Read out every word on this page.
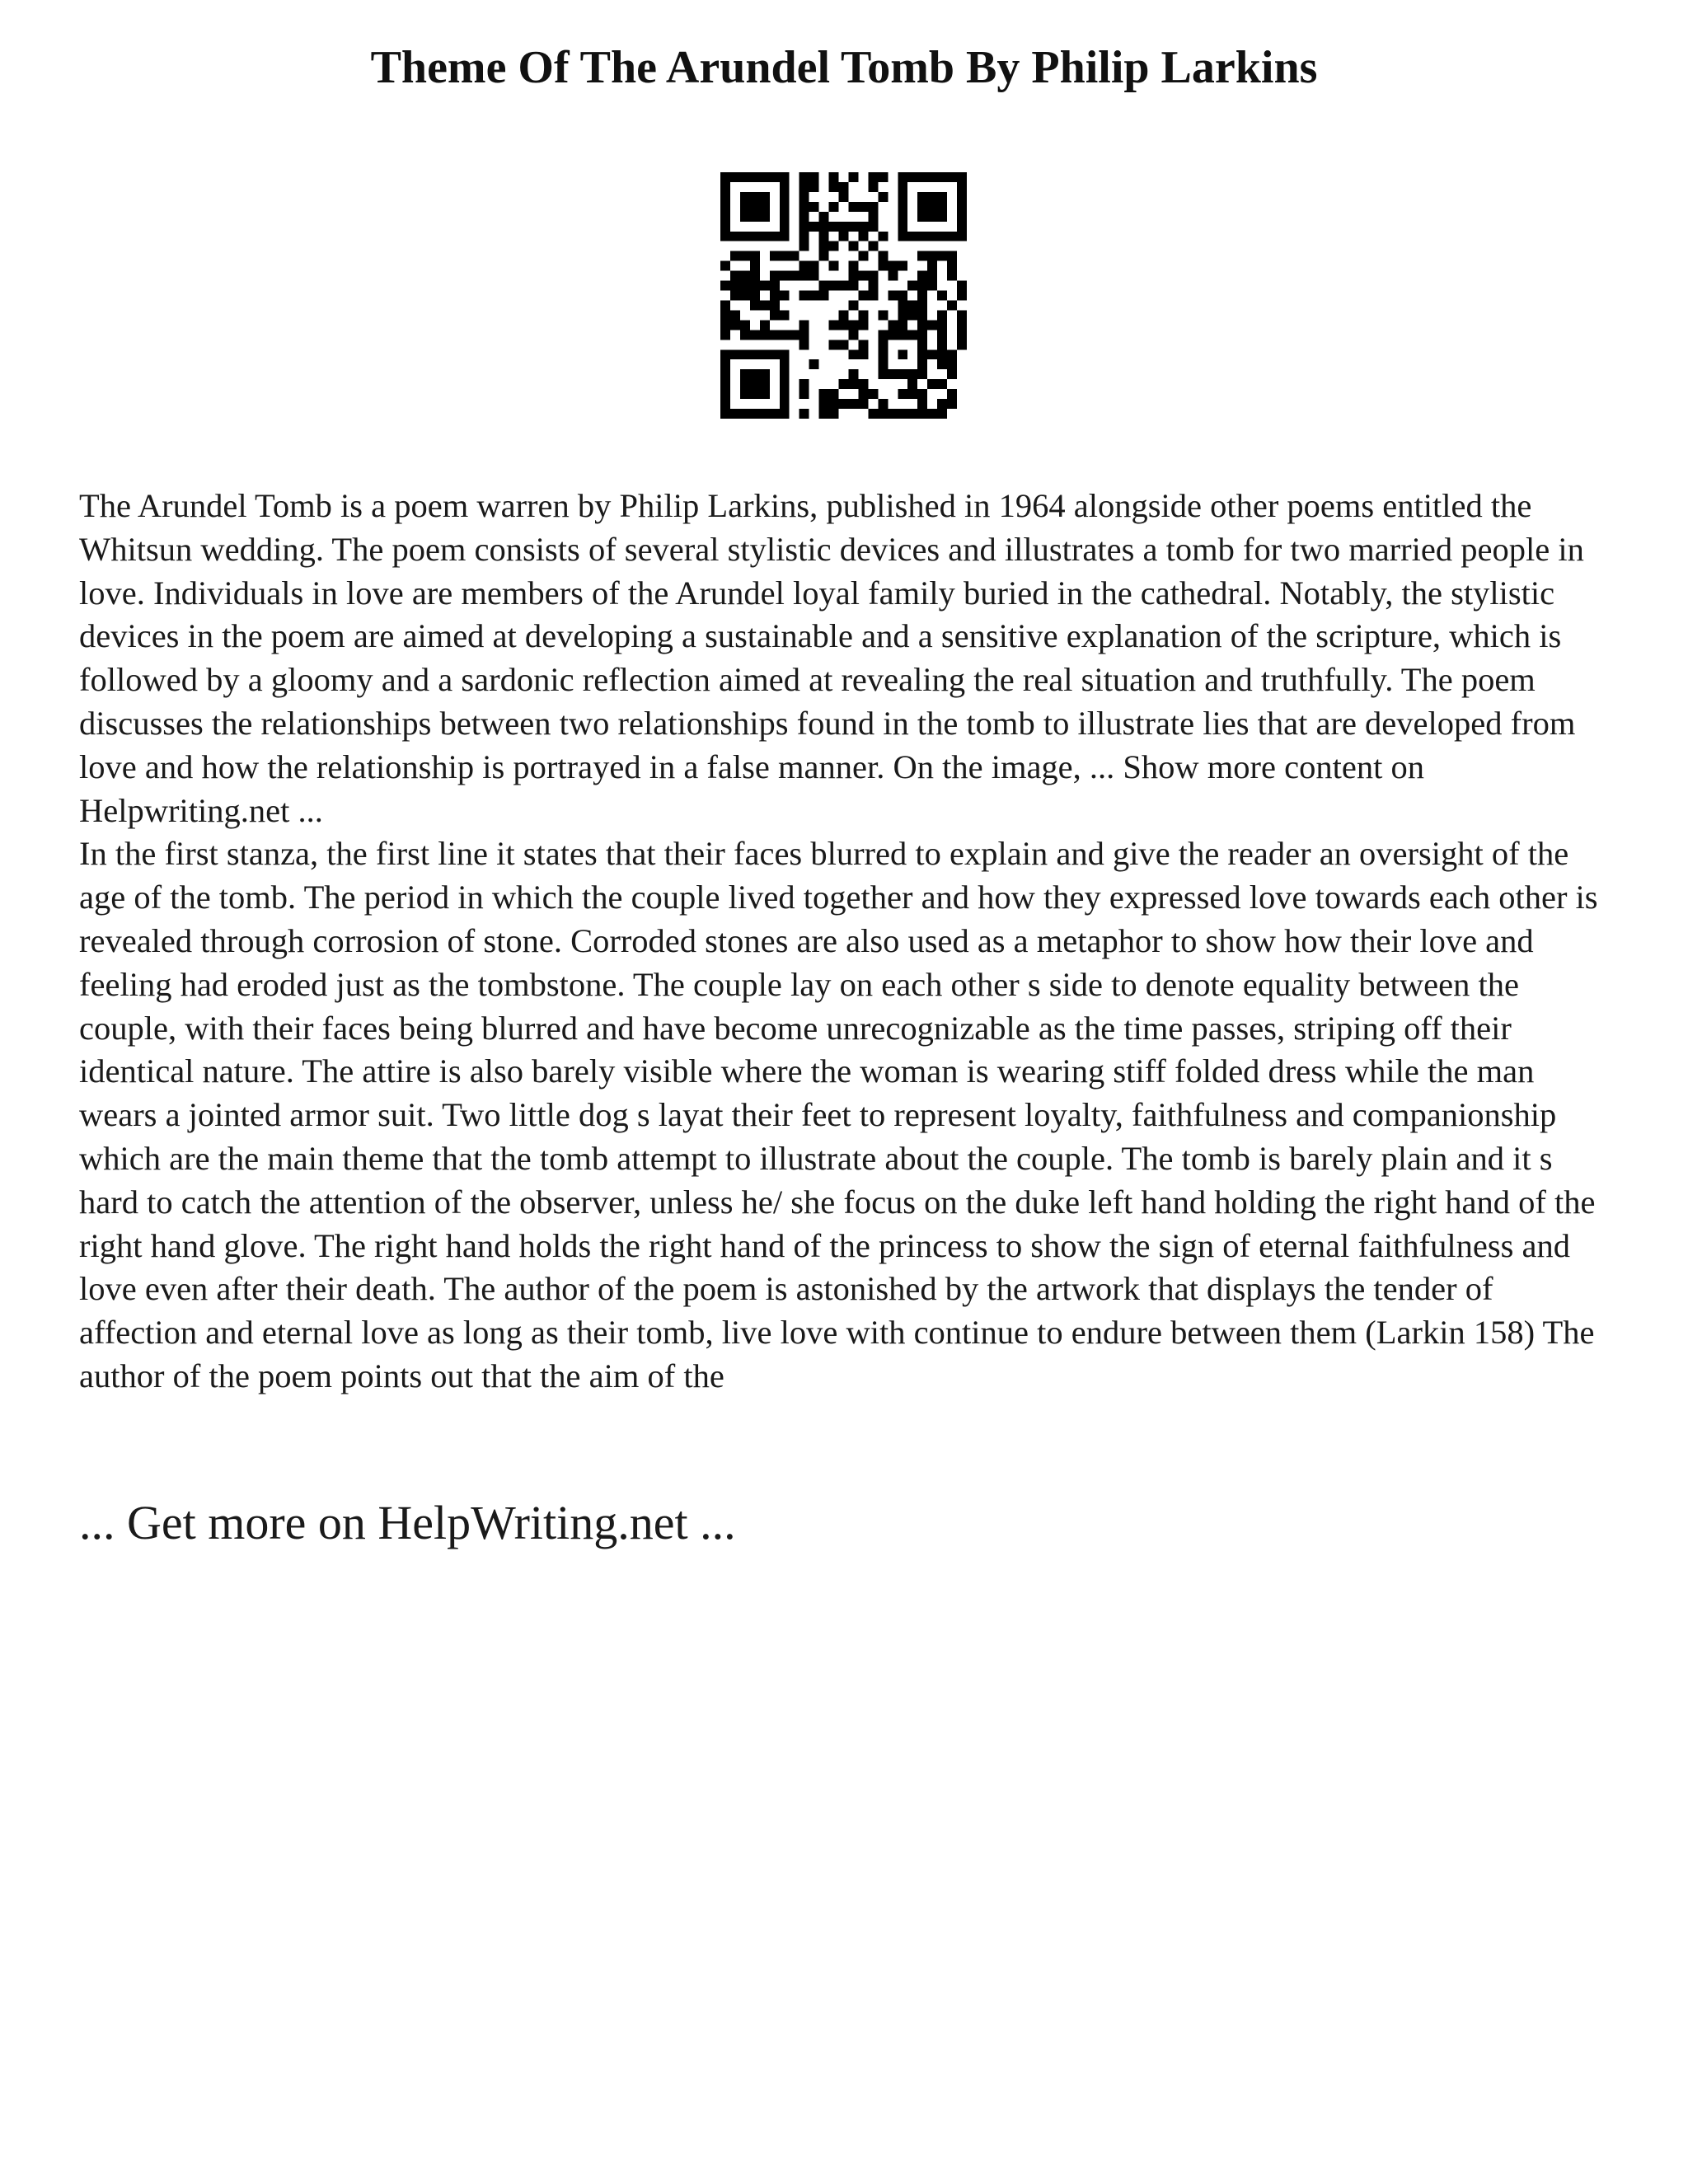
Theme Of The Arundel Tomb By Philip Larkins

The Arundel Tomb is a poem warren by Philip Larkins, published in 1964 alongside other poems entitled the Whitsun wedding. The poem consists of several stylistic devices and illustrates a tomb for two married people in love. Individuals in love are members of the Arundel loyal family buried in the cathedral. Notably, the stylistic devices in the poem are aimed at developing a sustainable and a sensitive explanation of the scripture, which is followed by a gloomy and a sardonic reflection aimed at revealing the real situation and truthfully. The poem discusses the relationships between two relationships found in the tomb to illustrate lies that are developed from love and how the relationship is portrayed in a false manner. On the image, ... Show more content on Helpwriting.net ...

In the first stanza, the first line it states that their faces blurred to explain and give the reader an oversight of the age of the tomb. The period in which the couple lived together and how they expressed love towards each other is revealed through corrosion of stone. Corroded stones are also used as a metaphor to show how their love and feeling had eroded just as the tombstone. The couple lay on each other s side to denote equality between the couple, with their faces being blurred and have become unrecognizable as the time passes, striping off their identical nature. The attire is also barely visible where the woman is wearing stiff folded dress while the man wears a jointed armor suit. Two little dog s layat their feet to represent loyalty, faithfulness and companionship which are the main theme that the tomb attempt to illustrate about the couple. The tomb is barely plain and it s hard to catch the attention of the observer, unless he/ she focus on the duke left hand holding the right hand of the right hand glove. The right hand holds the right hand of the princess to show the sign of eternal faithfulness and love even after their death. The author of the poem is astonished by the artwork that displays the tender of affection and eternal love as long as their tomb, live love with continue to endure between them (Larkin 158) The author of the poem points out that the aim of the

... Get more on HelpWriting.net ...
